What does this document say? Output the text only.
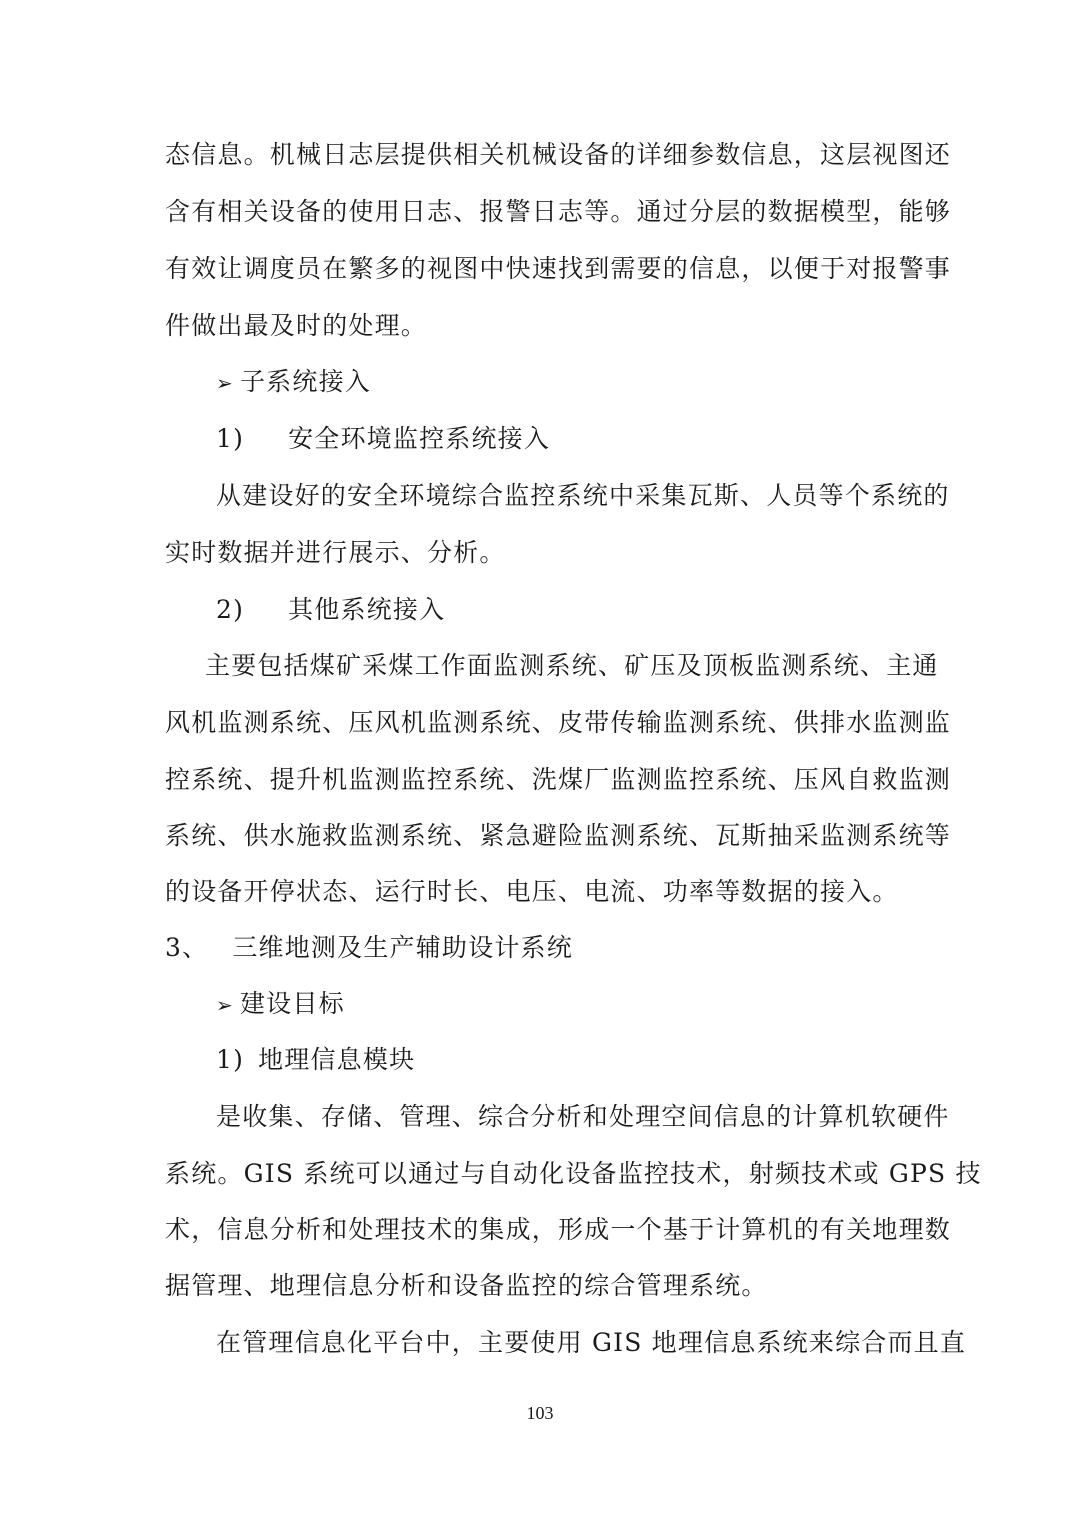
态信息。机械日志层提供相关机械设备的详细参数信息，这层视图还
含有相关设备的使用日志、报警日志等。通过分层的数据模型，能够
有效让调度员在繁多的视图中快速找到需要的信息，以便于对报警事
件做出最及时的处理。
➢ 子系统接入
1) 安全环境监控系统接入
从建设好的安全环境综合监控系统中采集瓦斯、人员等个系统的
实时数据并进行展示、分析。
2) 其他系统接入
主要包括煤矿采煤工作面监测系统、矿压及顶板监测系统、主通
风机监测系统、压风机监测系统、皮带传输监测系统、供排水监测监
控系统、提升机监测监控系统、洗煤厂监测监控系统、压风自救监测
系统、供水施救监测系统、紧急避险监测系统、瓦斯抽采监测系统等
的设备开停状态、运行时长、电压、电流、功率等数据的接入。
3、 三维地测及生产辅助设计系统
➢ 建设目标
1) 地理信息模块
是收集、存储、管理、综合分析和处理空间信息的计算机软硬件
系统。GIS 系统可以通过与自动化设备监控技术，射频技术或 GPS 技
术，信息分析和处理技术的集成，形成一个基于计算机的有关地理数
据管理、地理信息分析和设备监控的综合管理系统。
在管理信息化平台中，主要使用 GIS 地理信息系统来综合而且直
103
